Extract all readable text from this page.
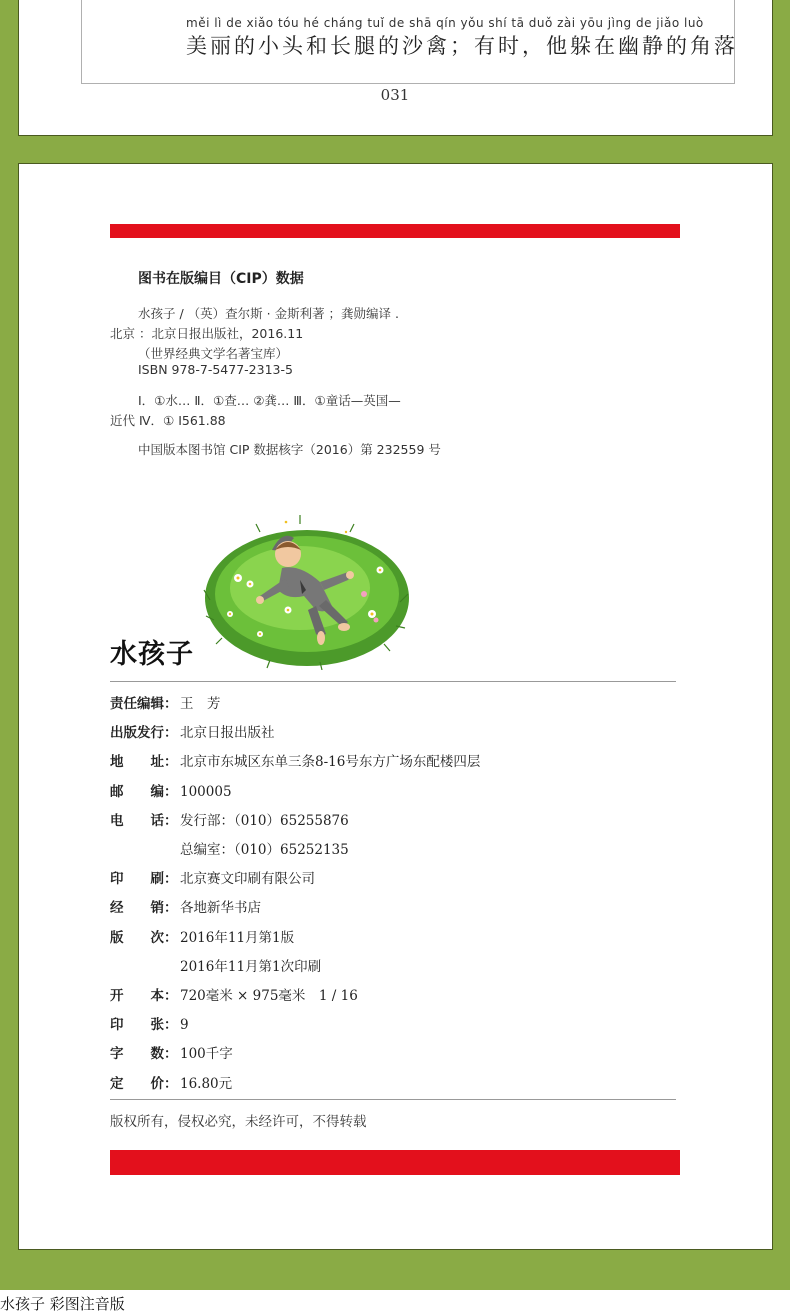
měi lì de xiǎo tóu hé cháng tuǐ de shā qín yǒu shí tā duǒ zài yōu jìng de jiǎo luò
美丽的小头和长腿的沙禽；有时，他躲在幽静的角落
031
图书在版编目（CIP）数据
水孩子 / （英）查尔斯 · 金斯利著 ；龚勋编译 .
北京 ：北京日报出版社，2016.11
（世界经典文学名著宝库）
ISBN 978-7-5477-2313-5
Ⅰ．①水… Ⅱ．①查… ②龚… Ⅲ．①童话—英国—
近代 Ⅳ．① I561.88
中国版本图书馆 CIP 数据核字（2016）第 232559 号
水孩子
责任编辑： 王　芳
出版发行： 北京日报出版社
地　　址： 北京市东城区东单三条8-16号东方广场东配楼四层
邮　　编： 100005
电　　话： 发行部：（010）65255876
总编室：（010）65252135
印　　刷： 北京赛文印刷有限公司
经　　销： 各地新华书店
版　　次： 2016年11月第1版
2016年11月第1次印刷
开　　本： 720毫米 × 975毫米　1 / 16
印　　张： 9
字　　数： 100千字
定　　价： 16.80元
版权所有，侵权必究，未经许可，不得转载
水孩子 彩图注音版
